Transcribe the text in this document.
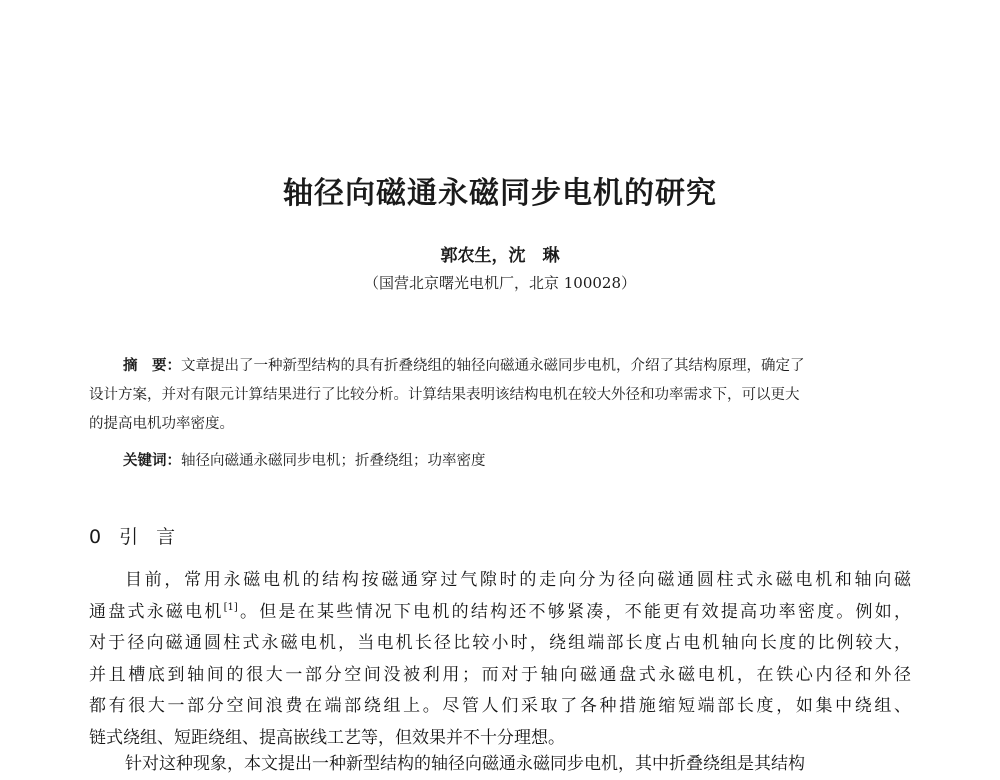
轴径向磁通永磁同步电机的研究
郭农生，沈　琳
（国营北京曙光电机厂，北京 100028）

摘　要：文章提出了一种新型结构的具有折叠绕组的轴径向磁通永磁同步电机，介绍了其结构原理，确定了

设计方案，并对有限元计算结果进行了比较分析。计算结果表明该结构电机在较大外径和功率需求下，可以更大

的提高电机功率密度。

关键词：轴径向磁通永磁同步电机；折叠绕组；功率密度
0 引 言
目前，常用永磁电机的结构按磁通穿过气隙时的走向分为径向磁通圆柱式永磁电机和轴向磁
通盘式永磁电机[1]。但是在某些情况下电机的结构还不够紧凑，不能更有效提高功率密度。例如，
对于径向磁通圆柱式永磁电机，当电机长径比较小时，绕组端部长度占电机轴向长度的比例较大，
并且槽底到轴间的很大一部分空间没被利用；而对于轴向磁通盘式永磁电机，在铁心内径和外径
都有很大一部分空间浪费在端部绕组上。尽管人们采取了各种措施缩短端部长度，如集中绕组、
链式绕组、短距绕组、提高嵌线工艺等，但效果并不十分理想。
针对这种现象，本文提出一种新型结构的轴径向磁通永磁同步电机，其中折叠绕组是其结构
